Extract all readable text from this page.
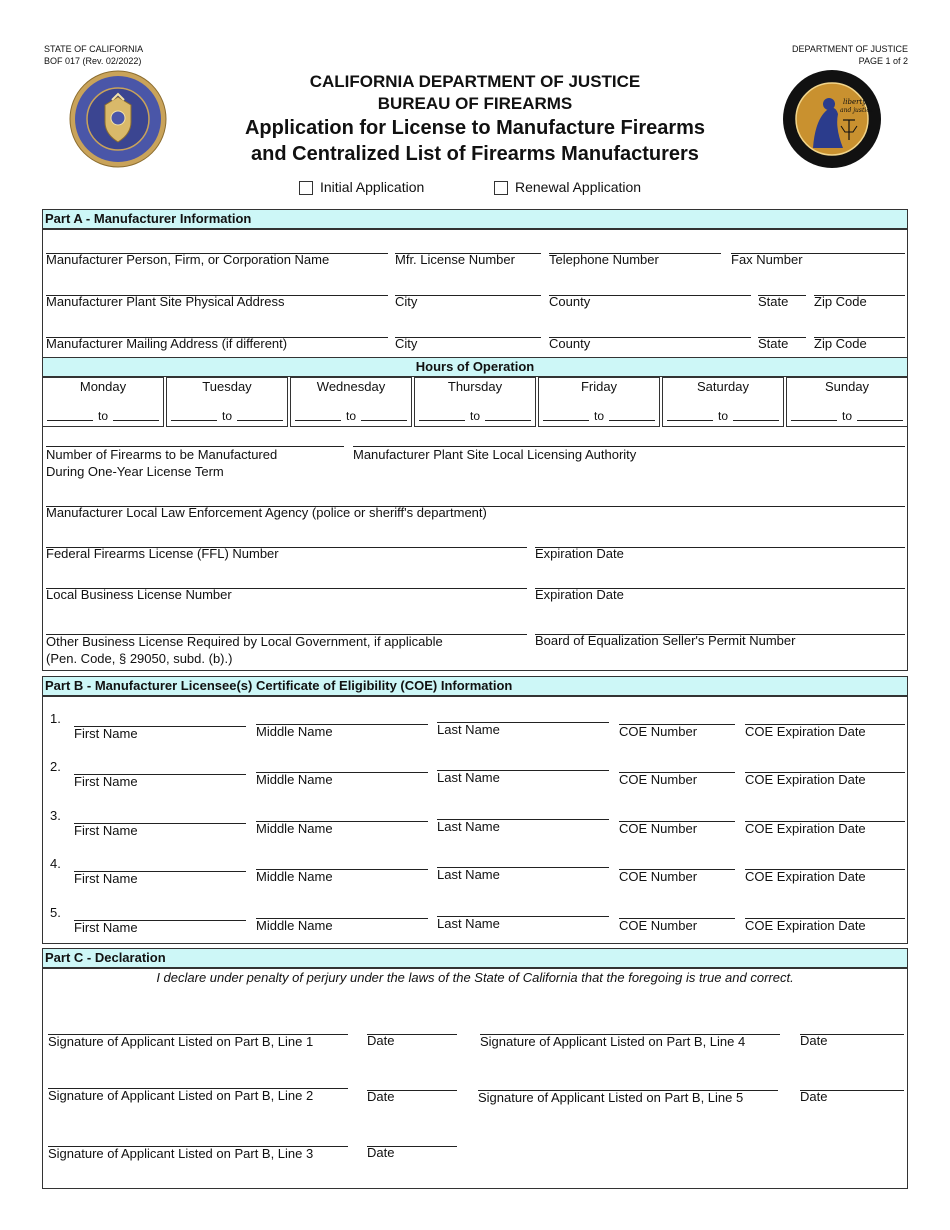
STATE OF CALIFORNIA
BOF 017 (Rev. 02/2022)
DEPARTMENT OF JUSTICE
PAGE 1 of 2
liberty
and justice
CALIFORNIA DEPARTMENT OF JUSTICE
BUREAU OF FIREARMS
Application for License to Manufacture Firearms
and Centralized List of Firearms Manufacturers
Initial Application	Renewal Application
Part A - Manufacturer Information
Manufacturer Person, Firm, or Corporation Name	Mfr. License Number	Telephone Number	Fax Number
Manufacturer Plant Site Physical Address	City	County	State Zip Code
Manufacturer Mailing Address (if different)	City	County	State Zip Code
Hours of Operation
Monday
to
Tuesday
to
Wednesday
to
Thursday
to
Friday
to
Saturday
to
Sunday
to
Number of Firearms to be Manufactured
During One-Year License Term
Manufacturer Plant Site Local Licensing Authority
Manufacturer Local Law Enforcement Agency (police or sheriff's department)
Federal Firearms License (FFL) Number	Expiration Date
Local Business License Number	Expiration Date
Other Business License Required by Local Government, if applicable
(Pen. Code, § 29050, subd. (b).)
Board of Equalization Seller's Permit Number
Part B - Manufacturer Licensee(s) Certificate of Eligibility (COE) Information
1.
First Name	Middle Name	Last Name	COE Number	COE Expiration Date
2.
First Name	Middle Name	Last Name	COE Number	COE Expiration Date
3.
First Name	Middle Name	Last Name	COE Number	COE Expiration Date
4.
First Name	Middle Name	Last Name	COE Number	COE Expiration Date
5.
First Name	Middle Name	Last Name	COE Number	COE Expiration Date
Part C - Declaration
I declare under penalty of perjury under the laws of the State of California that the foregoing is true and correct.
Signature of Applicant Listed on Part B, Line 1	Date	Signature of Applicant Listed on Part B, Line 4	Date
Signature of Applicant Listed on Part B, Line 2	Date	Signature of Applicant Listed on Part B, Line 5	Date
Signature of Applicant Listed on Part B, Line 3	Date
